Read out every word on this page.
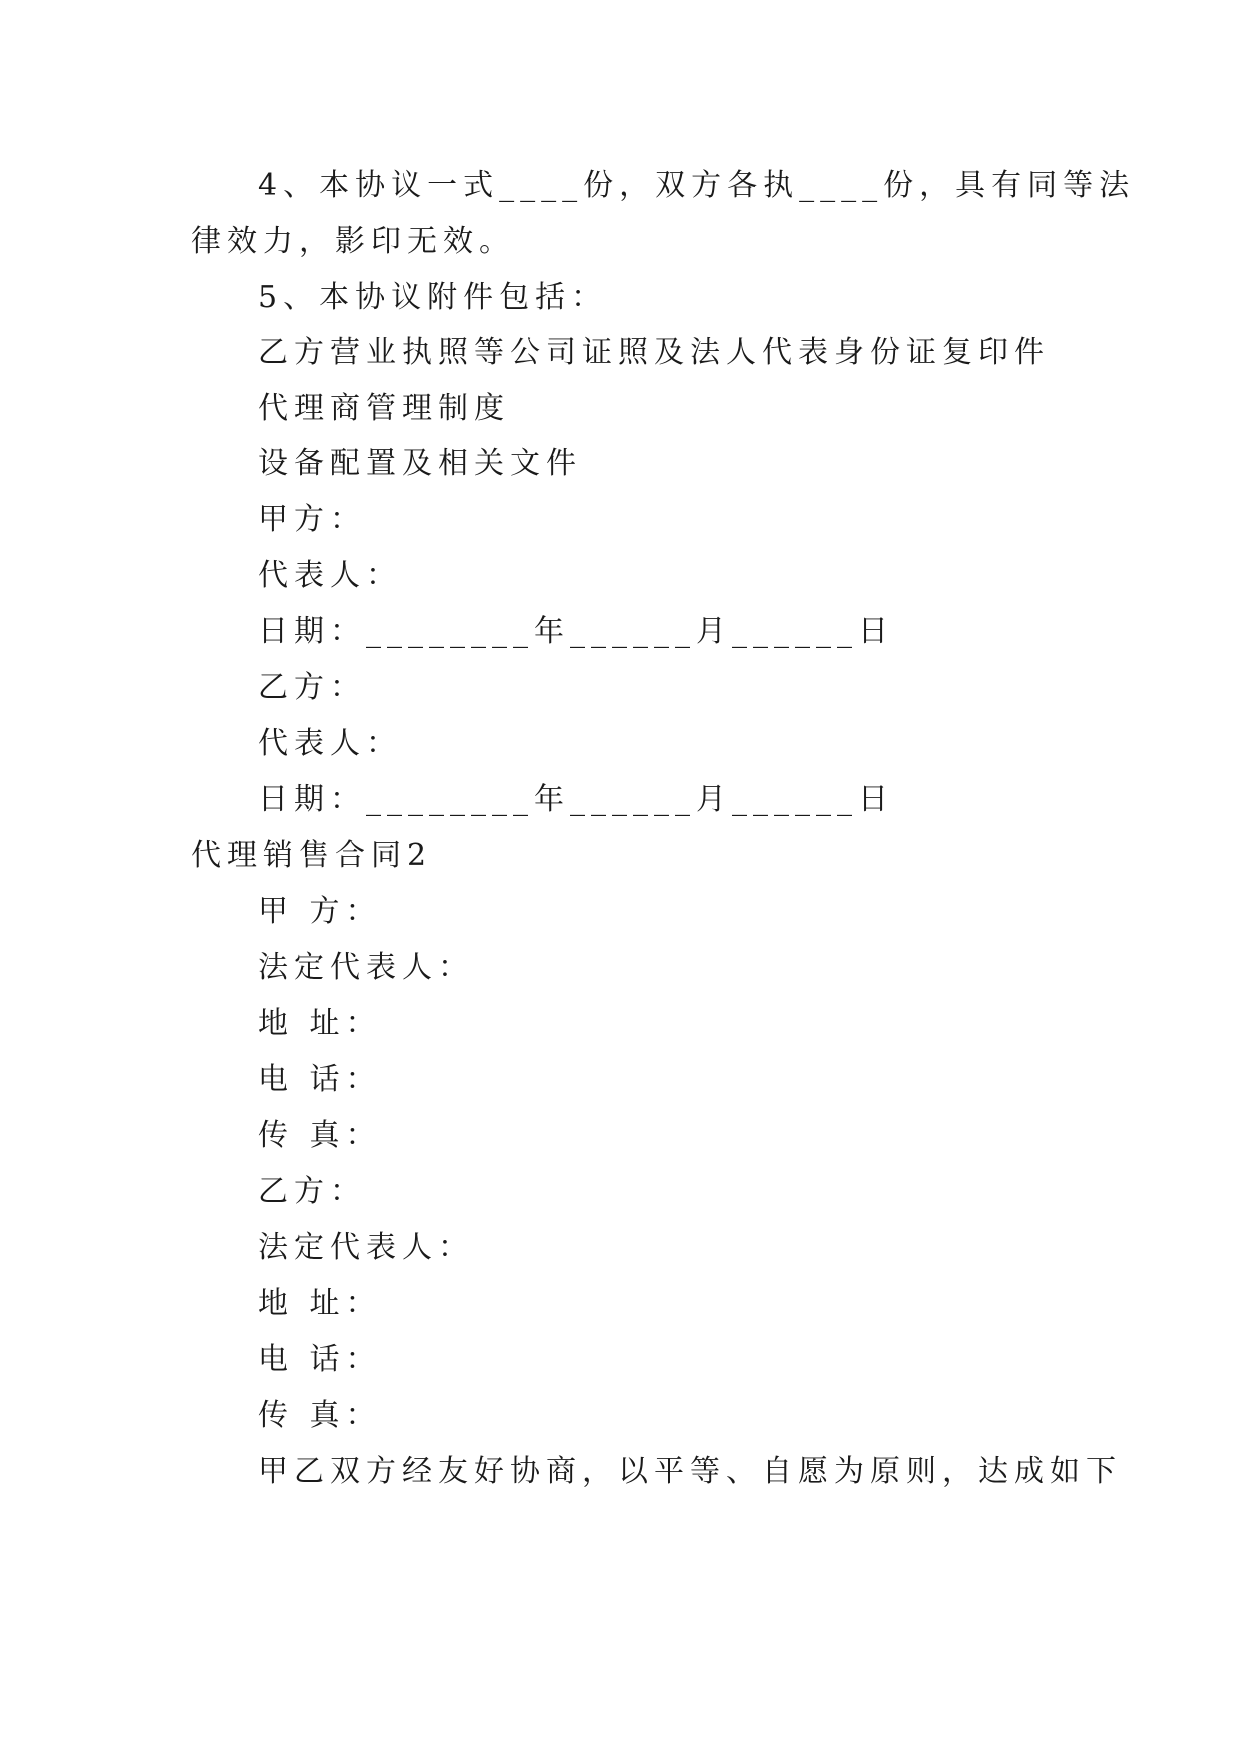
4、本协议一式____份，双方各执____份，具有同等法
律效力，影印无效。
5、本协议附件包括：
乙方营业执照等公司证照及法人代表身份证复印件
代理商管理制度
设备配置及相关文件
甲方：
代表人：
日期：________年______月______日
乙方：
代表人：
日期：________年______月______日
代理销售合同2
甲 方：
法定代表人：
地 址：
电 话：
传 真：
乙方：
法定代表人：
地 址：
电 话：
传 真：
甲乙双方经友好协商，以平等、自愿为原则，达成如下
